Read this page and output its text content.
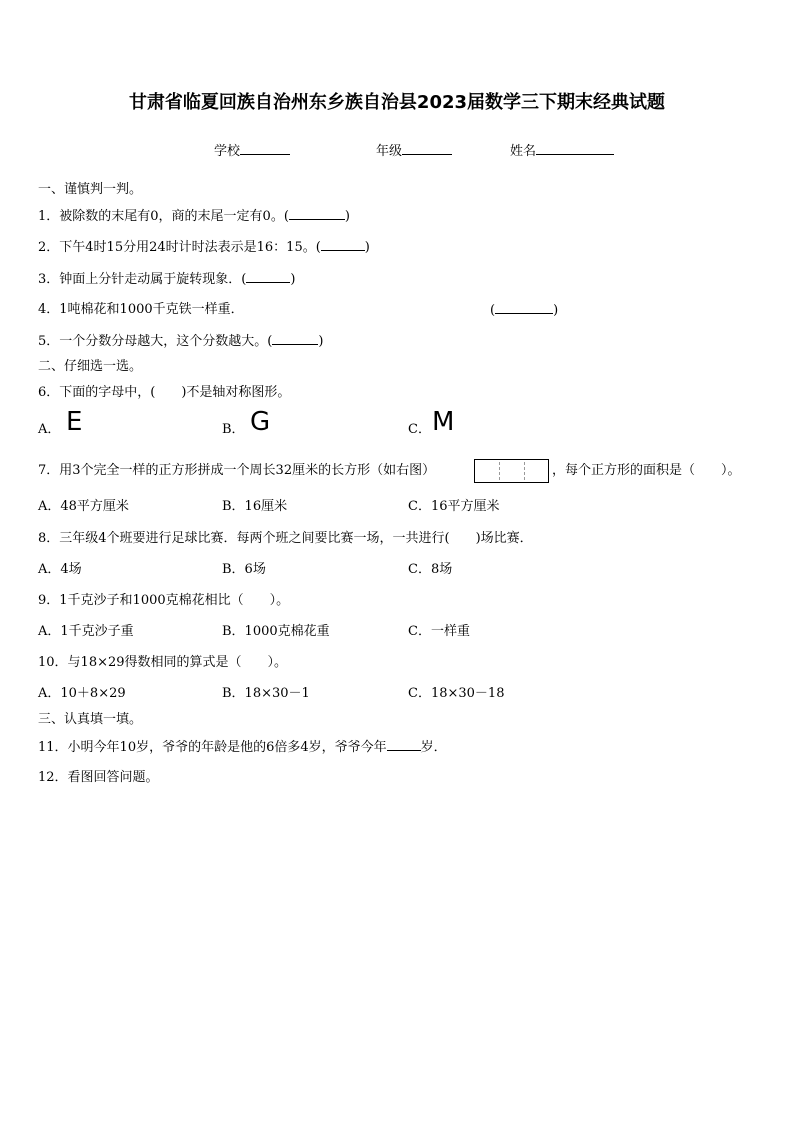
甘肃省临夏回族自治州东乡族自治县2023届数学三下期末经典试题
学校	年级	姓名
一、谨慎判一判。
1．被除数的末尾有0，商的末尾一定有0。(	)
2．下午4时15分用24时计时法表示是16：15。(	)
3．钟面上分针走动属于旋转现象．(	)
4．1吨棉花和1000千克铁一样重．	(	)
5．一个分数分母越大，这个分数越大。(	)
二、仔细选一选。
6．下面的字母中，(　　)不是轴对称图形。
A． E	B． G	C． M
7．用3个完全一样的正方形拼成一个周长32厘米的长方形（如右图）	，每个正方形的面积是（　　）。
A．48平方厘米	B．16厘米	C．16平方厘米
8．三年级4个班要进行足球比赛．每两个班之间要比赛一场，一共进行(　　)场比赛．
A．4场	B．6场	C．8场
9．1千克沙子和1000克棉花相比（　　）。
A．1千克沙子重	B．1000克棉花重	C．一样重
10．与18×29得数相同的算式是（　　）。
A．10＋8×29	B．18×30－1	C．18×30－18
三、认真填一填。
11．小明今年10岁，爷爷的年龄是他的6倍多4岁，爷爷今年	岁．
12．看图回答问题。
